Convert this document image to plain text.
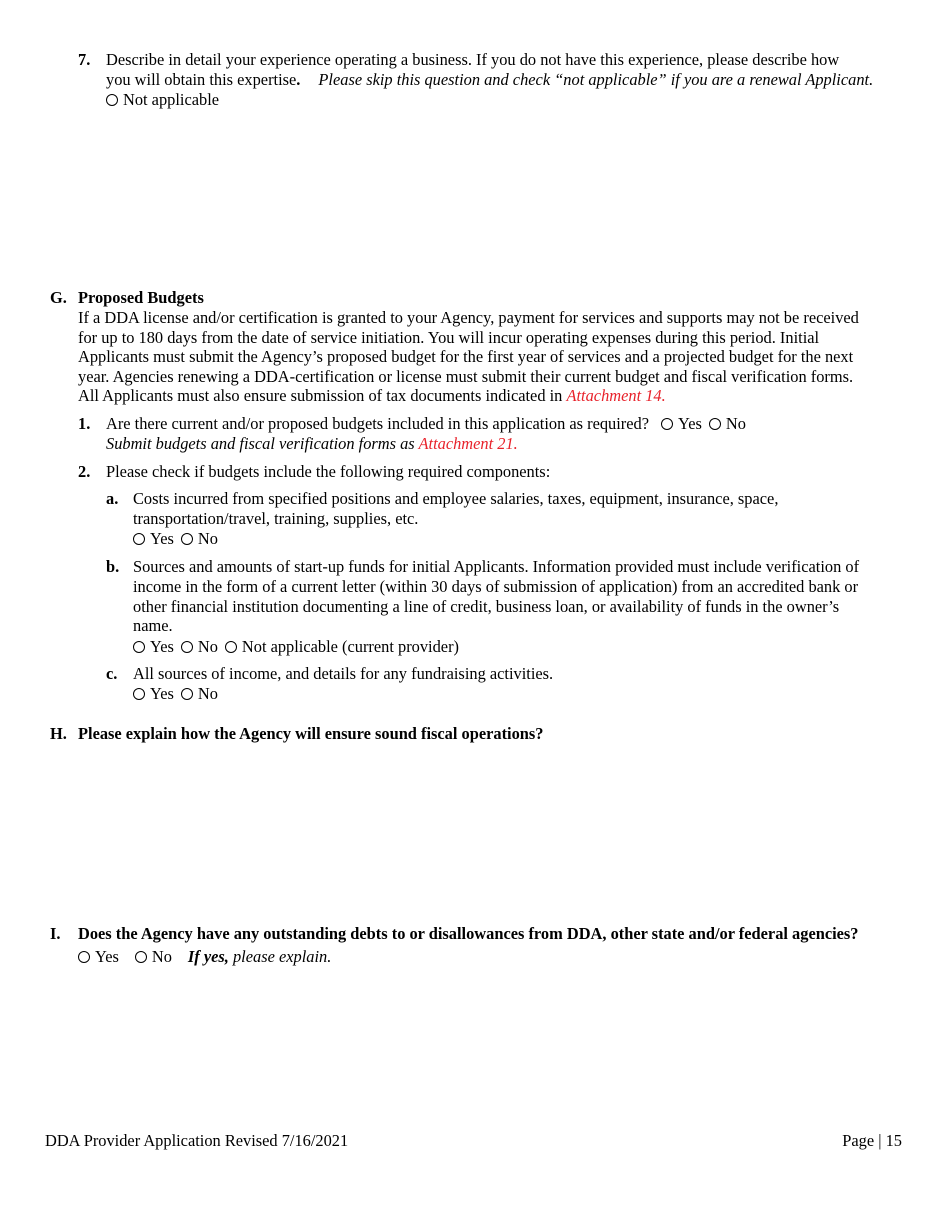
7. Describe in detail your experience operating a business. If you do not have this experience, please describe how
you will obtain this expertise. Please skip this question and check “not applicable” if you are a renewal Applicant.
Not applicable
G. Proposed Budgets
If a DDA license and/or certification is granted to your Agency, payment for services and supports may not be received
for up to 180 days from the date of service initiation. You will incur operating expenses during this period. Initial
Applicants must submit the Agency’s proposed budget for the first year of services and a projected budget for the next
year. Agencies renewing a DDA-certification or license must submit their current budget and fiscal verification forms.
All Applicants must also ensure submission of tax documents indicated in Attachment 14.
1. Are there current and/or proposed budgets included in this application as required? Yes No
Submit budgets and fiscal verification forms as Attachment 21.
2. Please check if budgets include the following required components:
a. Costs incurred from specified positions and employee salaries, taxes, equipment, insurance, space,
transportation/travel, training, supplies, etc.
Yes No
b. Sources and amounts of start-up funds for initial Applicants. Information provided must include verification of
income in the form of a current letter (within 30 days of submission of application) from an accredited bank or
other financial institution documenting a line of credit, business loan, or availability of funds in the owner’s
name.
Yes No Not applicable (current provider)
c. All sources of income, and details for any fundraising activities.
Yes No
H. Please explain how the Agency will ensure sound fiscal operations?
I. Does the Agency have any outstanding debts to or disallowances from DDA, other state and/or federal agencies?
Yes No If yes, please explain.
DDA Provider Application Revised 7/16/2021	Page | 15
